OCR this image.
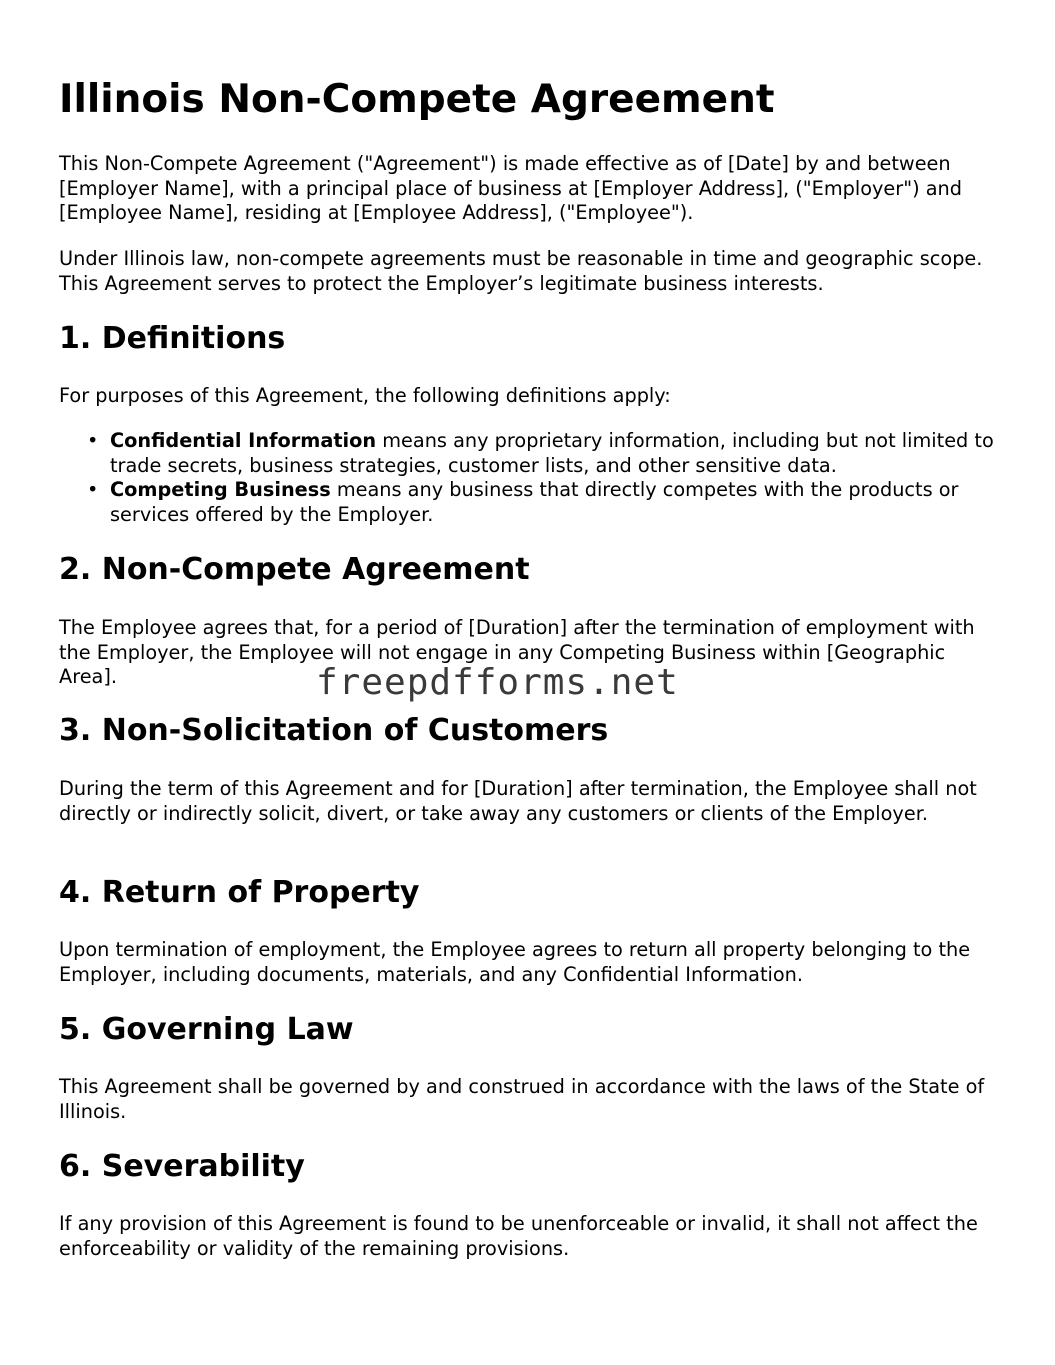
Illinois Non-Compete Agreement

This Non-Compete Agreement ("Agreement") is made effective as of [Date] by and between [Employer Name], with a principal place of business at [Employer Address], ("Employer") and [Employee Name], residing at [Employee Address], ("Employee").

Under Illinois law, non-compete agreements must be reasonable in time and geographic scope. This Agreement serves to protect the Employer’s legitimate business interests.

1. Definitions

For purposes of this Agreement, the following definitions apply:

• Confidential Information means any proprietary information, including but not limited to trade secrets, business strategies, customer lists, and other sensitive data.
• Competing Business means any business that directly competes with the products or services offered by the Employer.
2. Non-Compete Agreement

The Employee agrees that, for a period of [Duration] after the termination of employment with the Employer, the Employee will not engage in any Competing Business within [Geographic Area].

3. Non-Solicitation of Customers

During the term of this Agreement and for [Duration] after termination, the Employee shall not directly or indirectly solicit, divert, or take away any customers or clients of the Employer.

4. Return of Property

Upon termination of employment, the Employee agrees to return all property belonging to the Employer, including documents, materials, and any Confidential Information.

5. Governing Law

This Agreement shall be governed by and construed in accordance with the laws of the State of Illinois.

6. Severability

If any provision of this Agreement is found to be unenforceable or invalid, it shall not affect the enforceability or validity of the remaining provisions.

freepdfforms.net
